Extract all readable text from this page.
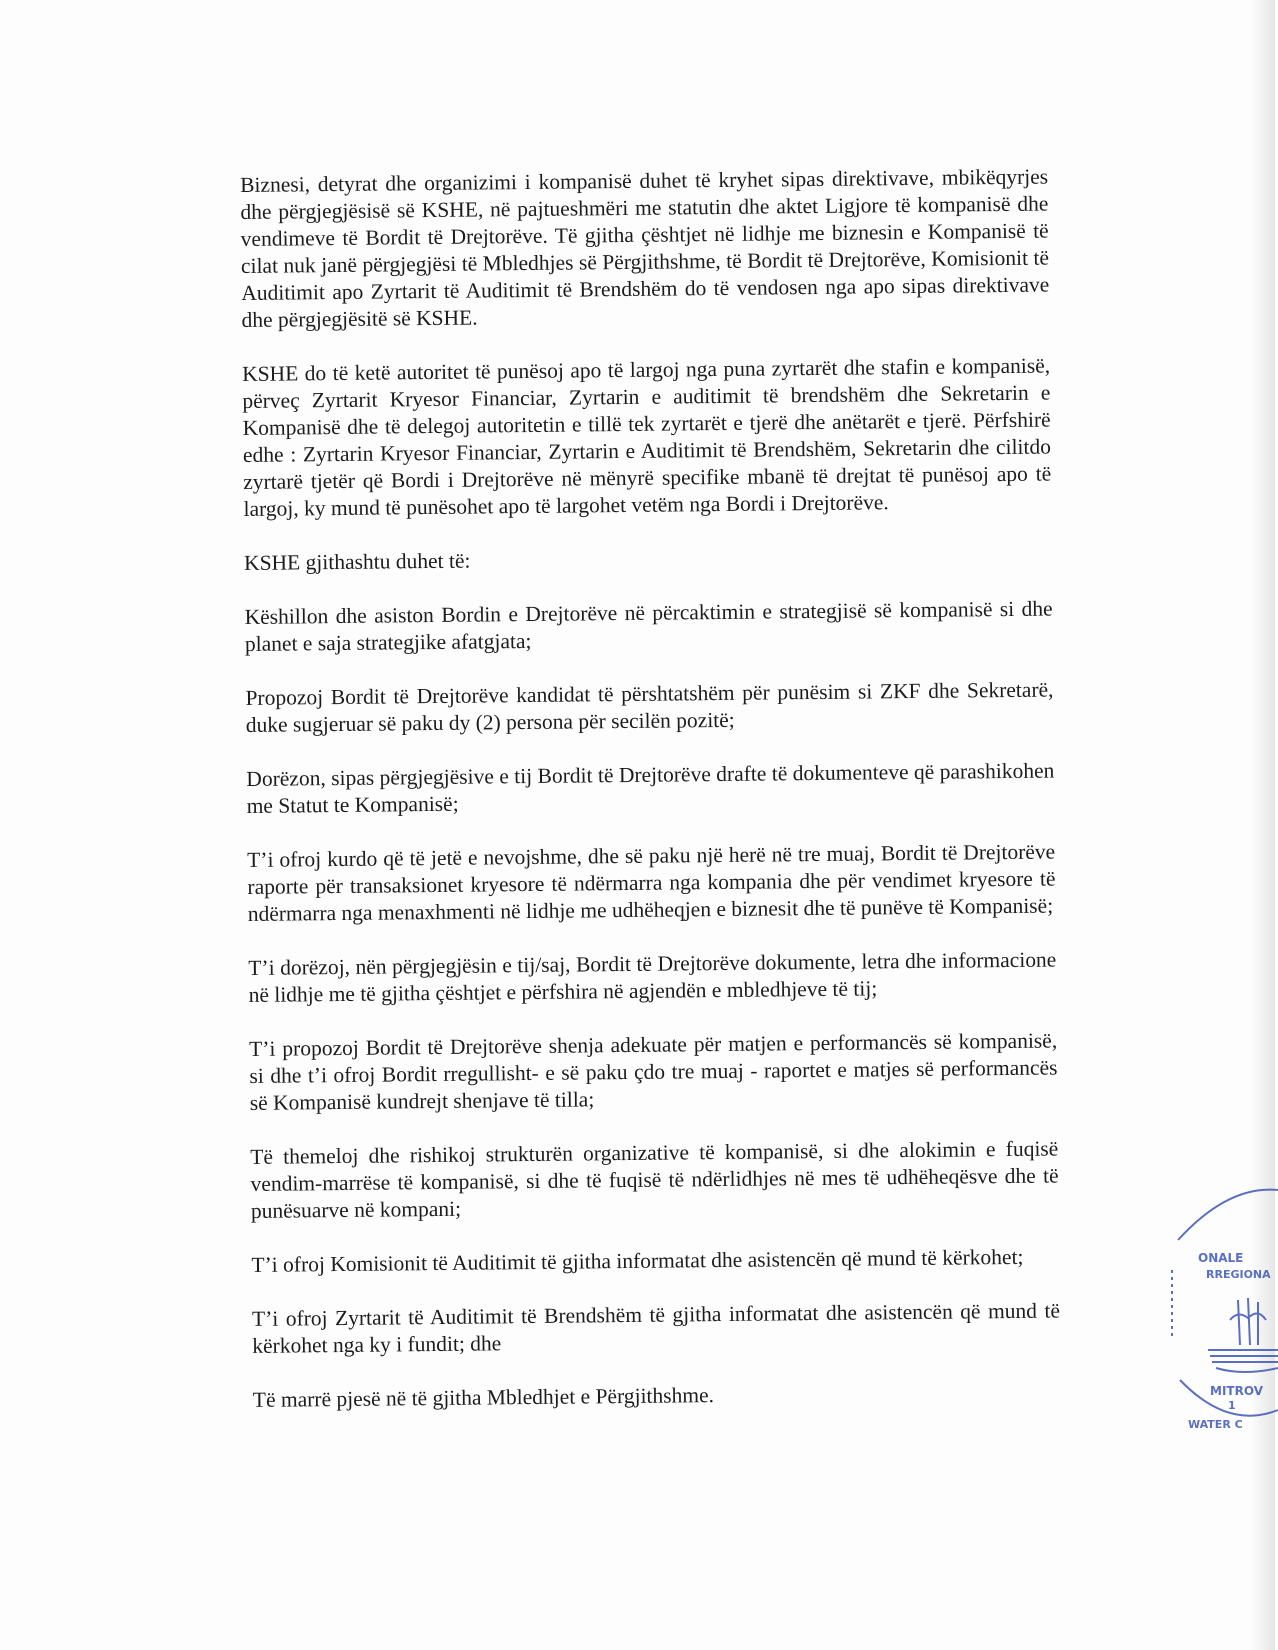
Biznesi, detyrat dhe organizimi i kompanisë duhet të kryhet sipas direktivave, mbikëqyrjes dhe përgjegjësisë së KSHE, në pajtueshmëri me statutin dhe aktet Ligjore të kompanisë dhe vendimeve të Bordit të Drejtorëve. Të gjitha çështjet në lidhje me biznesin e Kompanisë të cilat nuk janë përgjegjësi të Mbledhjes së Përgjithshme, të Bordit të Drejtorëve, Komisionit të Auditimit apo Zyrtarit të Auditimit të Brendshëm do të vendosen nga apo sipas direktivave dhe përgjegjësitë së KSHE.

KSHE do të ketë autoritet të punësoj apo të largoj nga puna zyrtarët dhe stafin e kompanisë, përveç Zyrtarit Kryesor Financiar, Zyrtarin e auditimit të brendshëm dhe Sekretarin e Kompanisë dhe të delegoj autoritetin e tillë tek zyrtarët e tjerë dhe anëtarët e tjerë. Përfshirë edhe : Zyrtarin Kryesor Financiar, Zyrtarin e Auditimit të Brendshëm, Sekretarin dhe cilitdo zyrtarë tjetër që Bordi i Drejtorëve në mënyrë specifike mbanë të drejtat të punësoj apo të largoj, ky mund të punësohet apo të largohet vetëm nga Bordi i Drejtorëve.

KSHE gjithashtu duhet të:

Këshillon dhe asiston Bordin e Drejtorëve në përcaktimin e strategjisë së kompanisë si dhe planet e saja strategjike afatgjata;

Propozoj Bordit të Drejtorëve kandidat të përshtatshëm për punësim si ZKF dhe Sekretarë, duke sugjeruar së paku dy (2) persona për secilën pozitë;

Dorëzon, sipas përgjegjësive e tij Bordit të Drejtorëve drafte të dokumenteve që parashikohen me Statut te Kompanisë;

T’i ofroj kurdo që të jetë e nevojshme, dhe së paku një herë në tre muaj, Bordit të Drejtorëve raporte për transaksionet kryesore të ndërmarra nga kompania dhe për vendimet kryesore të ndërmarra nga menaxhmenti në lidhje me udhëheqjen e biznesit dhe të punëve të Kompanisë;

T’i dorëzoj, nën përgjegjësin e tij/saj, Bordit të Drejtorëve dokumente, letra dhe informacione në lidhje me të gjitha çështjet e përfshira në agjendën e mbledhjeve të tij;

T’i propozoj Bordit të Drejtorëve shenja adekuate për matjen e performancës së kompanisë, si dhe t’i ofroj Bordit rregullisht- e së paku çdo tre muaj - raportet e matjes së performancës së Kompanisë kundrejt shenjave të tilla;

Të themeloj dhe rishikoj strukturën organizative të kompanisë, si dhe alokimin e fuqisë vendim-marrëse të kompanisë, si dhe të fuqisë të ndërlidhjes në mes të udhëheqësve dhe të punësuarve në kompani;

T’i ofroj Komisionit të Auditimit të gjitha informatat dhe asistencën që mund të kërkohet;

T’i ofroj Zyrtarit të Auditimit të Brendshëm të gjitha informatat dhe asistencën që mund të kërkohet nga ky i fundit; dhe

Të marrë pjesë në të gjitha Mbledhjet e Përgjithshme.

ONALE
RREGIONA
MITROV
1
WATER C
